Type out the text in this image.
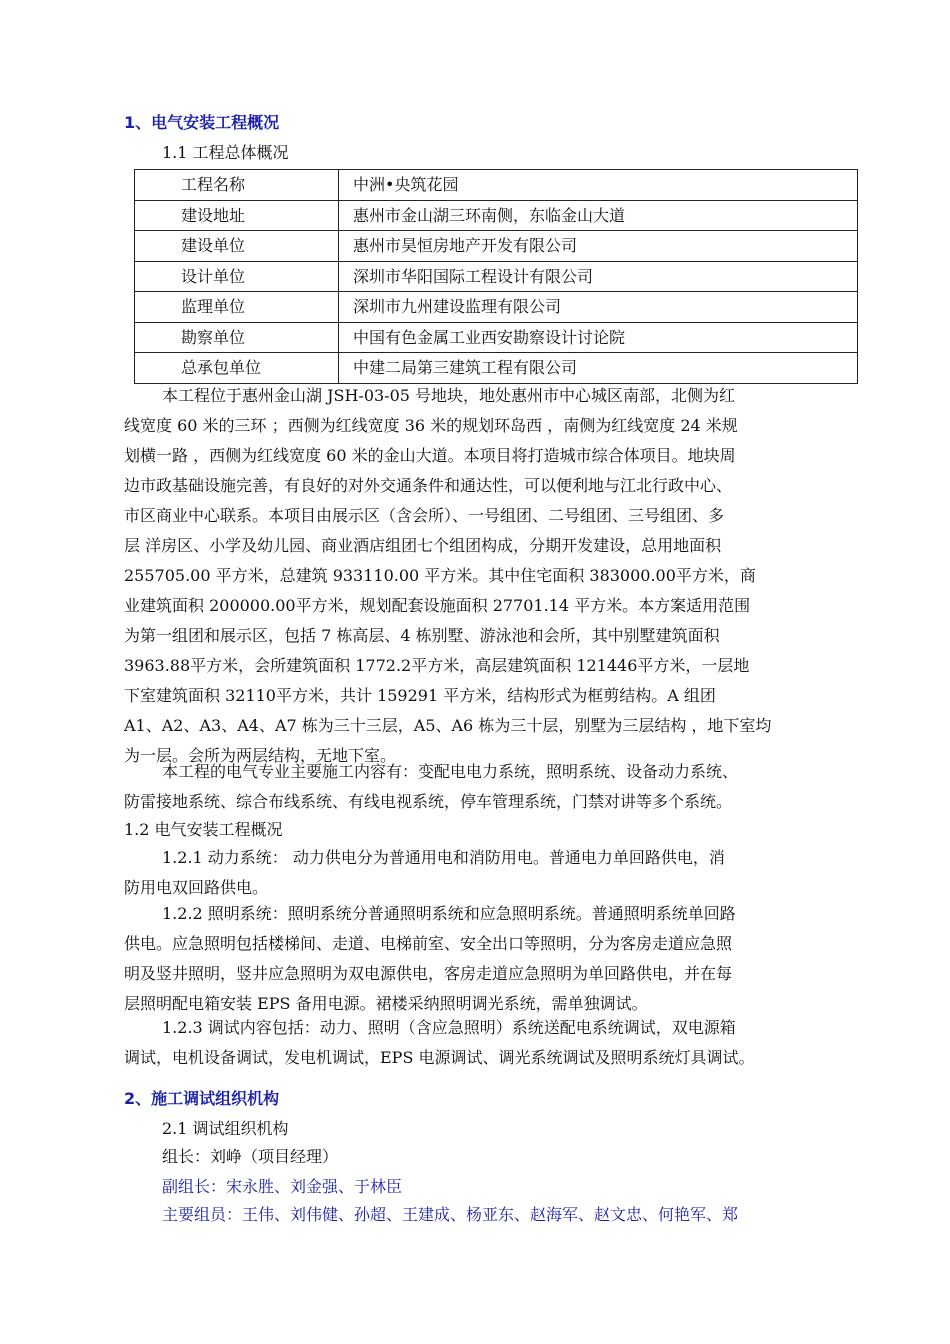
1、电气安装工程概况
1.1 工程总体概况
工程名称	中洲•央筑花园
建设地址	惠州市金山湖三环南侧，东临金山大道
建设单位	惠州市昊恒房地产开发有限公司
设计单位	深圳市华阳国际工程设计有限公司
监理单位	深圳市九州建设监理有限公司
勘察单位	中国有色金属工业西安勘察设计讨论院
总承包单位	中建二局第三建筑工程有限公司
本工程位于惠州金山湖 JSH-03-05 号地块，地处惠州市中心城区南部，北侧为红
线宽度 60 米的三环 ；西侧为红线宽度 36 米的规划环岛西 ，南侧为红线宽度 24 米规
划横一路 ，西侧为红线宽度 60 米的金山大道。本项目将打造城市综合体项目。地块周
边市政基础设施完善，有良好的对外交通条件和通达性，可以便利地与江北行政中心、
市区商业中心联系。本项目由展示区（含会所）、一号组团、二号组团、三号组团、多
层 洋房区、小学及幼儿园、商业酒店组团七个组团构成，分期开发建设，总用地面积
255705.00 平方米，总建筑 933110.00 平方米。其中住宅面积 383000.00平方米，商
业建筑面积 200000.00平方米，规划配套设施面积 27701.14 平方米。本方案适用范围
为第一组团和展示区，包括 7 栋高层、4 栋别墅、游泳池和会所，其中别墅建筑面积
3963.88平方米，会所建筑面积 1772.2平方米，高层建筑面积 121446平方米，一层地
下室建筑面积 32110平方米，共计 159291 平方米，结构形式为框剪结构。A 组团
A1、A2、A3、A4、A7 栋为三十三层，A5、A6 栋为三十层，别墅为三层结构 ，地下室均
为一层。会所为两层结构，无地下室。
本工程的电气专业主要施工内容有：变配电电力系统，照明系统、设备动力系统、
防雷接地系统、综合布线系统、有线电视系统，停车管理系统，门禁对讲等多个系统。
1.2 电气安装工程概况
1.2.1 动力系统： 动力供电分为普通用电和消防用电。普通电力单回路供电，消
防用电双回路供电。
1.2.2 照明系统：照明系统分普通照明系统和应急照明系统。普通照明系统单回路
供电。应急照明包括楼梯间、走道、电梯前室、安全出口等照明，分为客房走道应急照
明及竖井照明，竖井应急照明为双电源供电，客房走道应急照明为单回路供电，并在每
层照明配电箱安装 EPS 备用电源。裙楼采纳照明调光系统，需单独调试。
1.2.3 调试内容包括：动力、照明（含应急照明）系统送配电系统调试，双电源箱
调试，电机设备调试，发电机调试，EPS 电源调试、调光系统调试及照明系统灯具调试。
2、施工调试组织机构
2.1 调试组织机构
组长：刘峥（项目经理）
副组长：宋永胜、刘金强、于林臣
主要组员：王伟、刘伟健、孙超、王建成、杨亚东、赵海军、赵文忠、何艳军、郑
